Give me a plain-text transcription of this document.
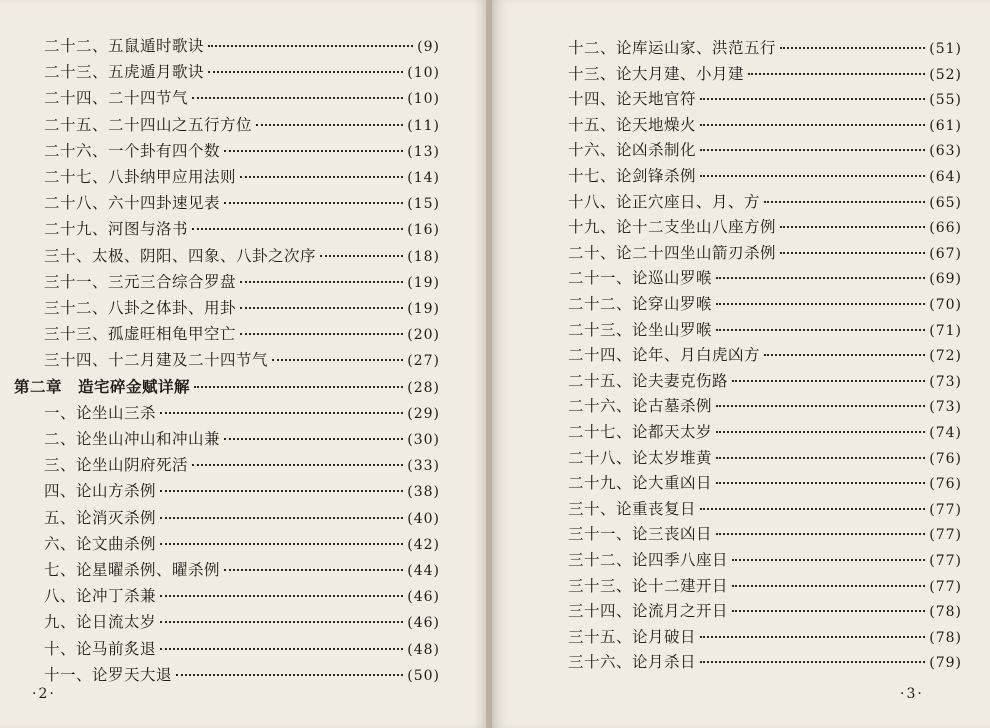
二十二、五鼠遁时歌诀	(9)
二十三、五虎遁月歌诀	(10)
二十四、二十四节气	(10)
二十五、二十四山之五行方位	(11)
二十六、一个卦有四个数	(13)
二十七、八卦纳甲应用法则	(14)
二十八、六十四卦速见表	(15)
二十九、河图与洛书	(16)
三十、太极、阴阳、四象、八卦之次序	(18)
三十一、三元三合综合罗盘	(19)
三十二、八卦之体卦、用卦	(19)
三十三、孤虚旺相龟甲空亡	(20)
三十四、十二月建及二十四节气	(27)
第二章　造宅碎金赋详解	(28)
一、论坐山三杀	(29)
二、论坐山冲山和冲山兼	(30)
三、论坐山阴府死活	(33)
四、论山方杀例	(38)
五、论消灭杀例	(40)
六、论文曲杀例	(42)
七、论星曜杀例、曜杀例	(44)
八、论冲丁杀兼	(46)
九、论日流太岁	(46)
十、论马前炙退	(48)
十一、论罗天大退	(50)
·2·
十二、论库运山家、洪范五行	(51)
十三、论大月建、小月建	(52)
十四、论天地官符	(55)
十五、论天地燥火	(61)
十六、论凶杀制化	(63)
十七、论剑锋杀例	(64)
十八、论正穴座日、月、方	(65)
十九、论十二支坐山八座方例	(66)
二十、论二十四坐山箭刃杀例	(67)
二十一、论巡山罗喉	(69)
二十二、论穿山罗喉	(70)
二十三、论坐山罗喉	(71)
二十四、论年、月白虎凶方	(72)
二十五、论夫妻克伤路	(73)
二十六、论古墓杀例	(73)
二十七、论都天太岁	(74)
二十八、论太岁堆黄	(76)
二十九、论大重凶日	(76)
三十、论重丧复日	(77)
三十一、论三丧凶日	(77)
三十二、论四季八座日	(77)
三十三、论十二建开日	(77)
三十四、论流月之开日	(78)
三十五、论月破日	(78)
三十六、论月杀日	(79)
·3·
